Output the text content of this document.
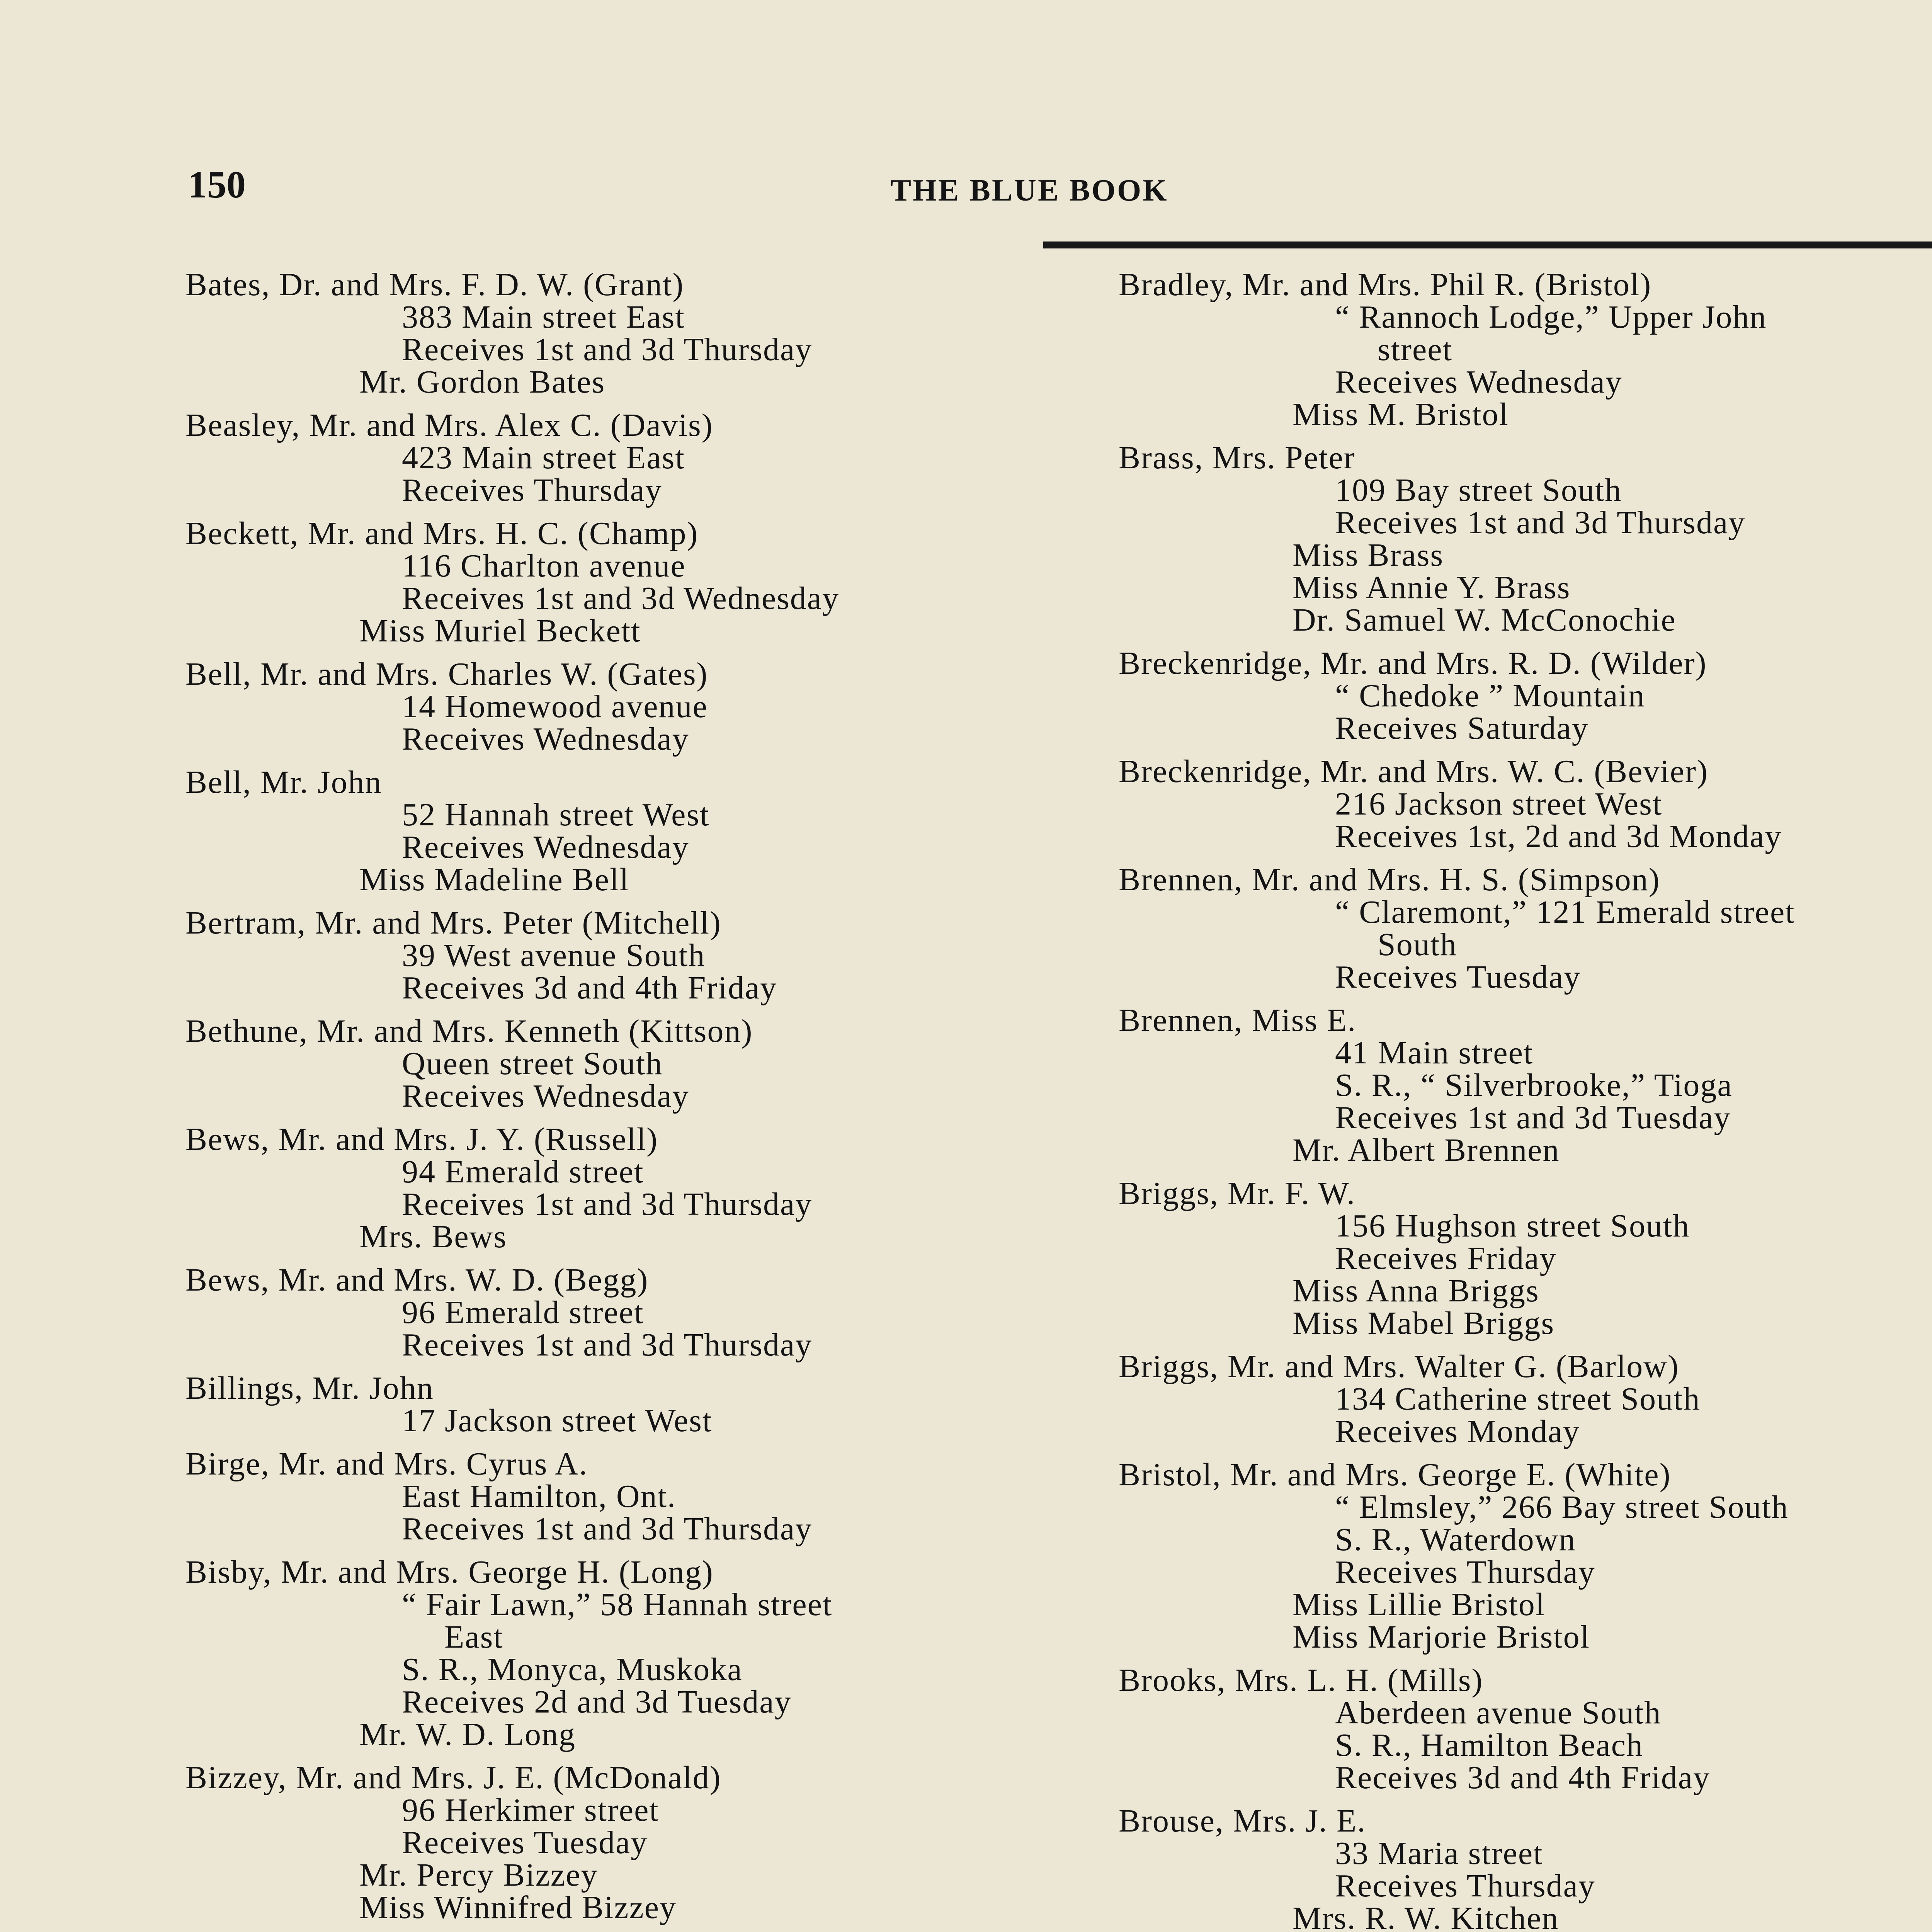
150	THE BLUE BOOK
Bates, Dr. and Mrs. F. D. W. (Grant)
383 Main street East
Receives 1st and 3d Thursday
Mr. Gordon Bates
Beasley, Mr. and Mrs. Alex C. (Davis)
423 Main street East
Receives Thursday
Beckett, Mr. and Mrs. H. C. (Champ)
116 Charlton avenue
Receives 1st and 3d Wednesday
Miss Muriel Beckett
Bell, Mr. and Mrs. Charles W. (Gates)
14 Homewood avenue
Receives Wednesday
Bell, Mr. John
52 Hannah street West
Receives Wednesday
Miss Madeline Bell
Bertram, Mr. and Mrs. Peter (Mitchell)
39 West avenue South
Receives 3d and 4th Friday
Bethune, Mr. and Mrs. Kenneth (Kittson)
Queen street South
Receives Wednesday
Bews, Mr. and Mrs. J. Y. (Russell)
94 Emerald street
Receives 1st and 3d Thursday
Mrs. Bews
Bews, Mr. and Mrs. W. D. (Begg)
96 Emerald street
Receives 1st and 3d Thursday
Billings, Mr. John
17 Jackson street West
Birge, Mr. and Mrs. Cyrus A.
East Hamilton, Ont.
Receives 1st and 3d Thursday
Bisby, Mr. and Mrs. George H. (Long)
“ Fair Lawn,” 58 Hannah street
East
S. R., Monyca, Muskoka
Receives 2d and 3d Tuesday
Mr. W. D. Long
Bizzey, Mr. and Mrs. J. E. (McDonald)
96 Herkimer street
Receives Tuesday
Mr. Percy Bizzey
Miss Winnifred Bizzey
Bradley, Mr. and Mrs. Phil R. (Bristol)
“ Rannoch Lodge,” Upper John
street
Receives Wednesday
Miss M. Bristol
Brass, Mrs. Peter
109 Bay street South
Receives 1st and 3d Thursday
Miss Brass
Miss Annie Y. Brass
Dr. Samuel W. McConochie
Breckenridge, Mr. and Mrs. R. D. (Wilder)
“ Chedoke ” Mountain
Receives Saturday
Breckenridge, Mr. and Mrs. W. C. (Bevier)
216 Jackson street West
Receives 1st, 2d and 3d Monday
Brennen, Mr. and Mrs. H. S. (Simpson)
“ Claremont,” 121 Emerald street
South
Receives Tuesday
Brennen, Miss E.
41 Main street
S. R., “ Silverbrooke,” Tioga
Receives 1st and 3d Tuesday
Mr. Albert Brennen
Briggs, Mr. F. W.
156 Hughson street South
Receives Friday
Miss Anna Briggs
Miss Mabel Briggs
Briggs, Mr. and Mrs. Walter G. (Barlow)
134 Catherine street South
Receives Monday
Bristol, Mr. and Mrs. George E. (White)
“ Elmsley,” 266 Bay street South
S. R., Waterdown
Receives Thursday
Miss Lillie Bristol
Miss Marjorie Bristol
Brooks, Mrs. L. H. (Mills)
Aberdeen avenue South
S. R., Hamilton Beach
Receives 3d and 4th Friday
Brouse, Mrs. J. E.
33 Maria street
Receives Thursday
Mrs. R. W. Kitchen
